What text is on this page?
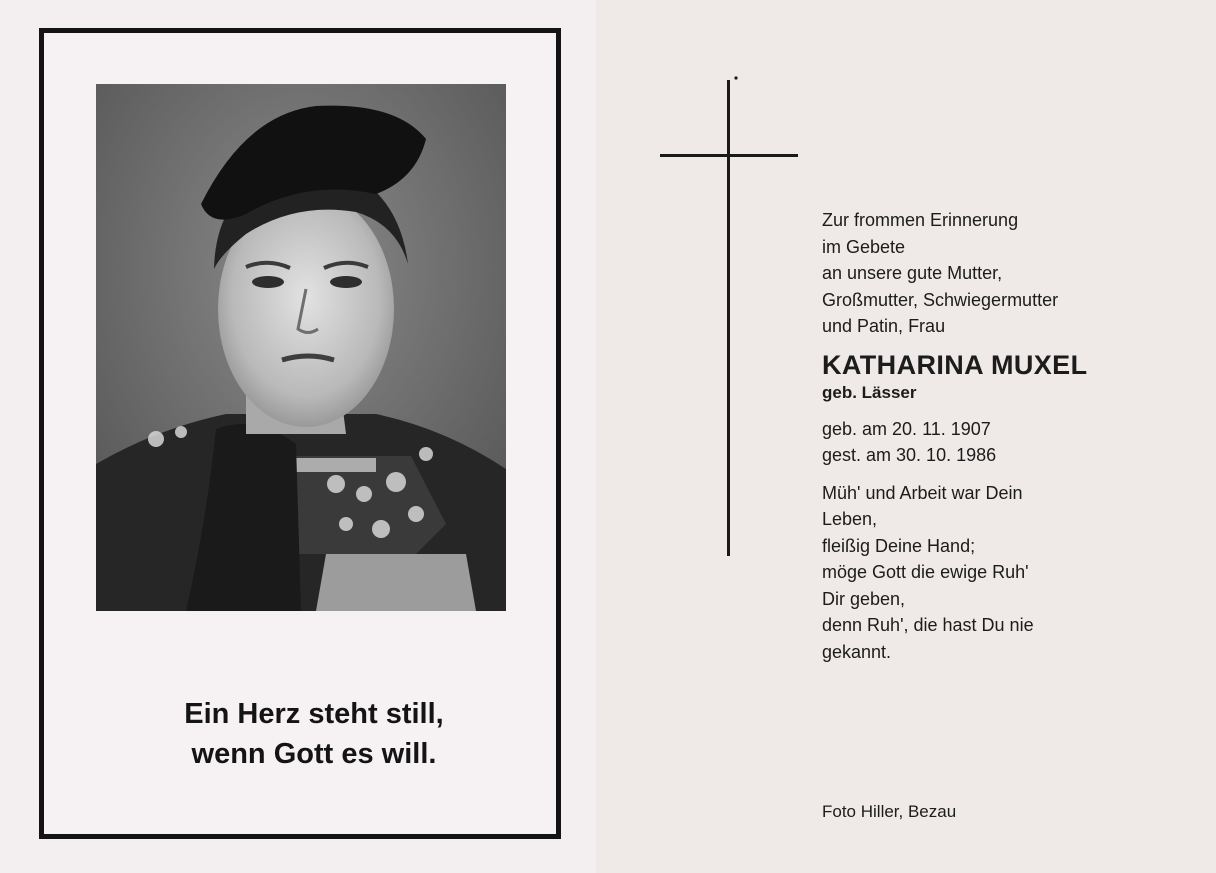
Ein Herz steht still,
wenn Gott es will.
Zur frommen Erinnerung
im Gebete
an unsere gute Mutter,
Großmutter, Schwiegermutter
und Patin, Frau
KATHARINA MUXEL
geb. Lässer
geb. am 20. 11. 1907
gest. am 30. 10. 1986
Müh' und Arbeit war Dein
Leben,
fleißig Deine Hand;
möge Gott die ewige Ruh'
Dir geben,
denn Ruh', die hast Du nie
gekannt.
Foto Hiller, Bezau
